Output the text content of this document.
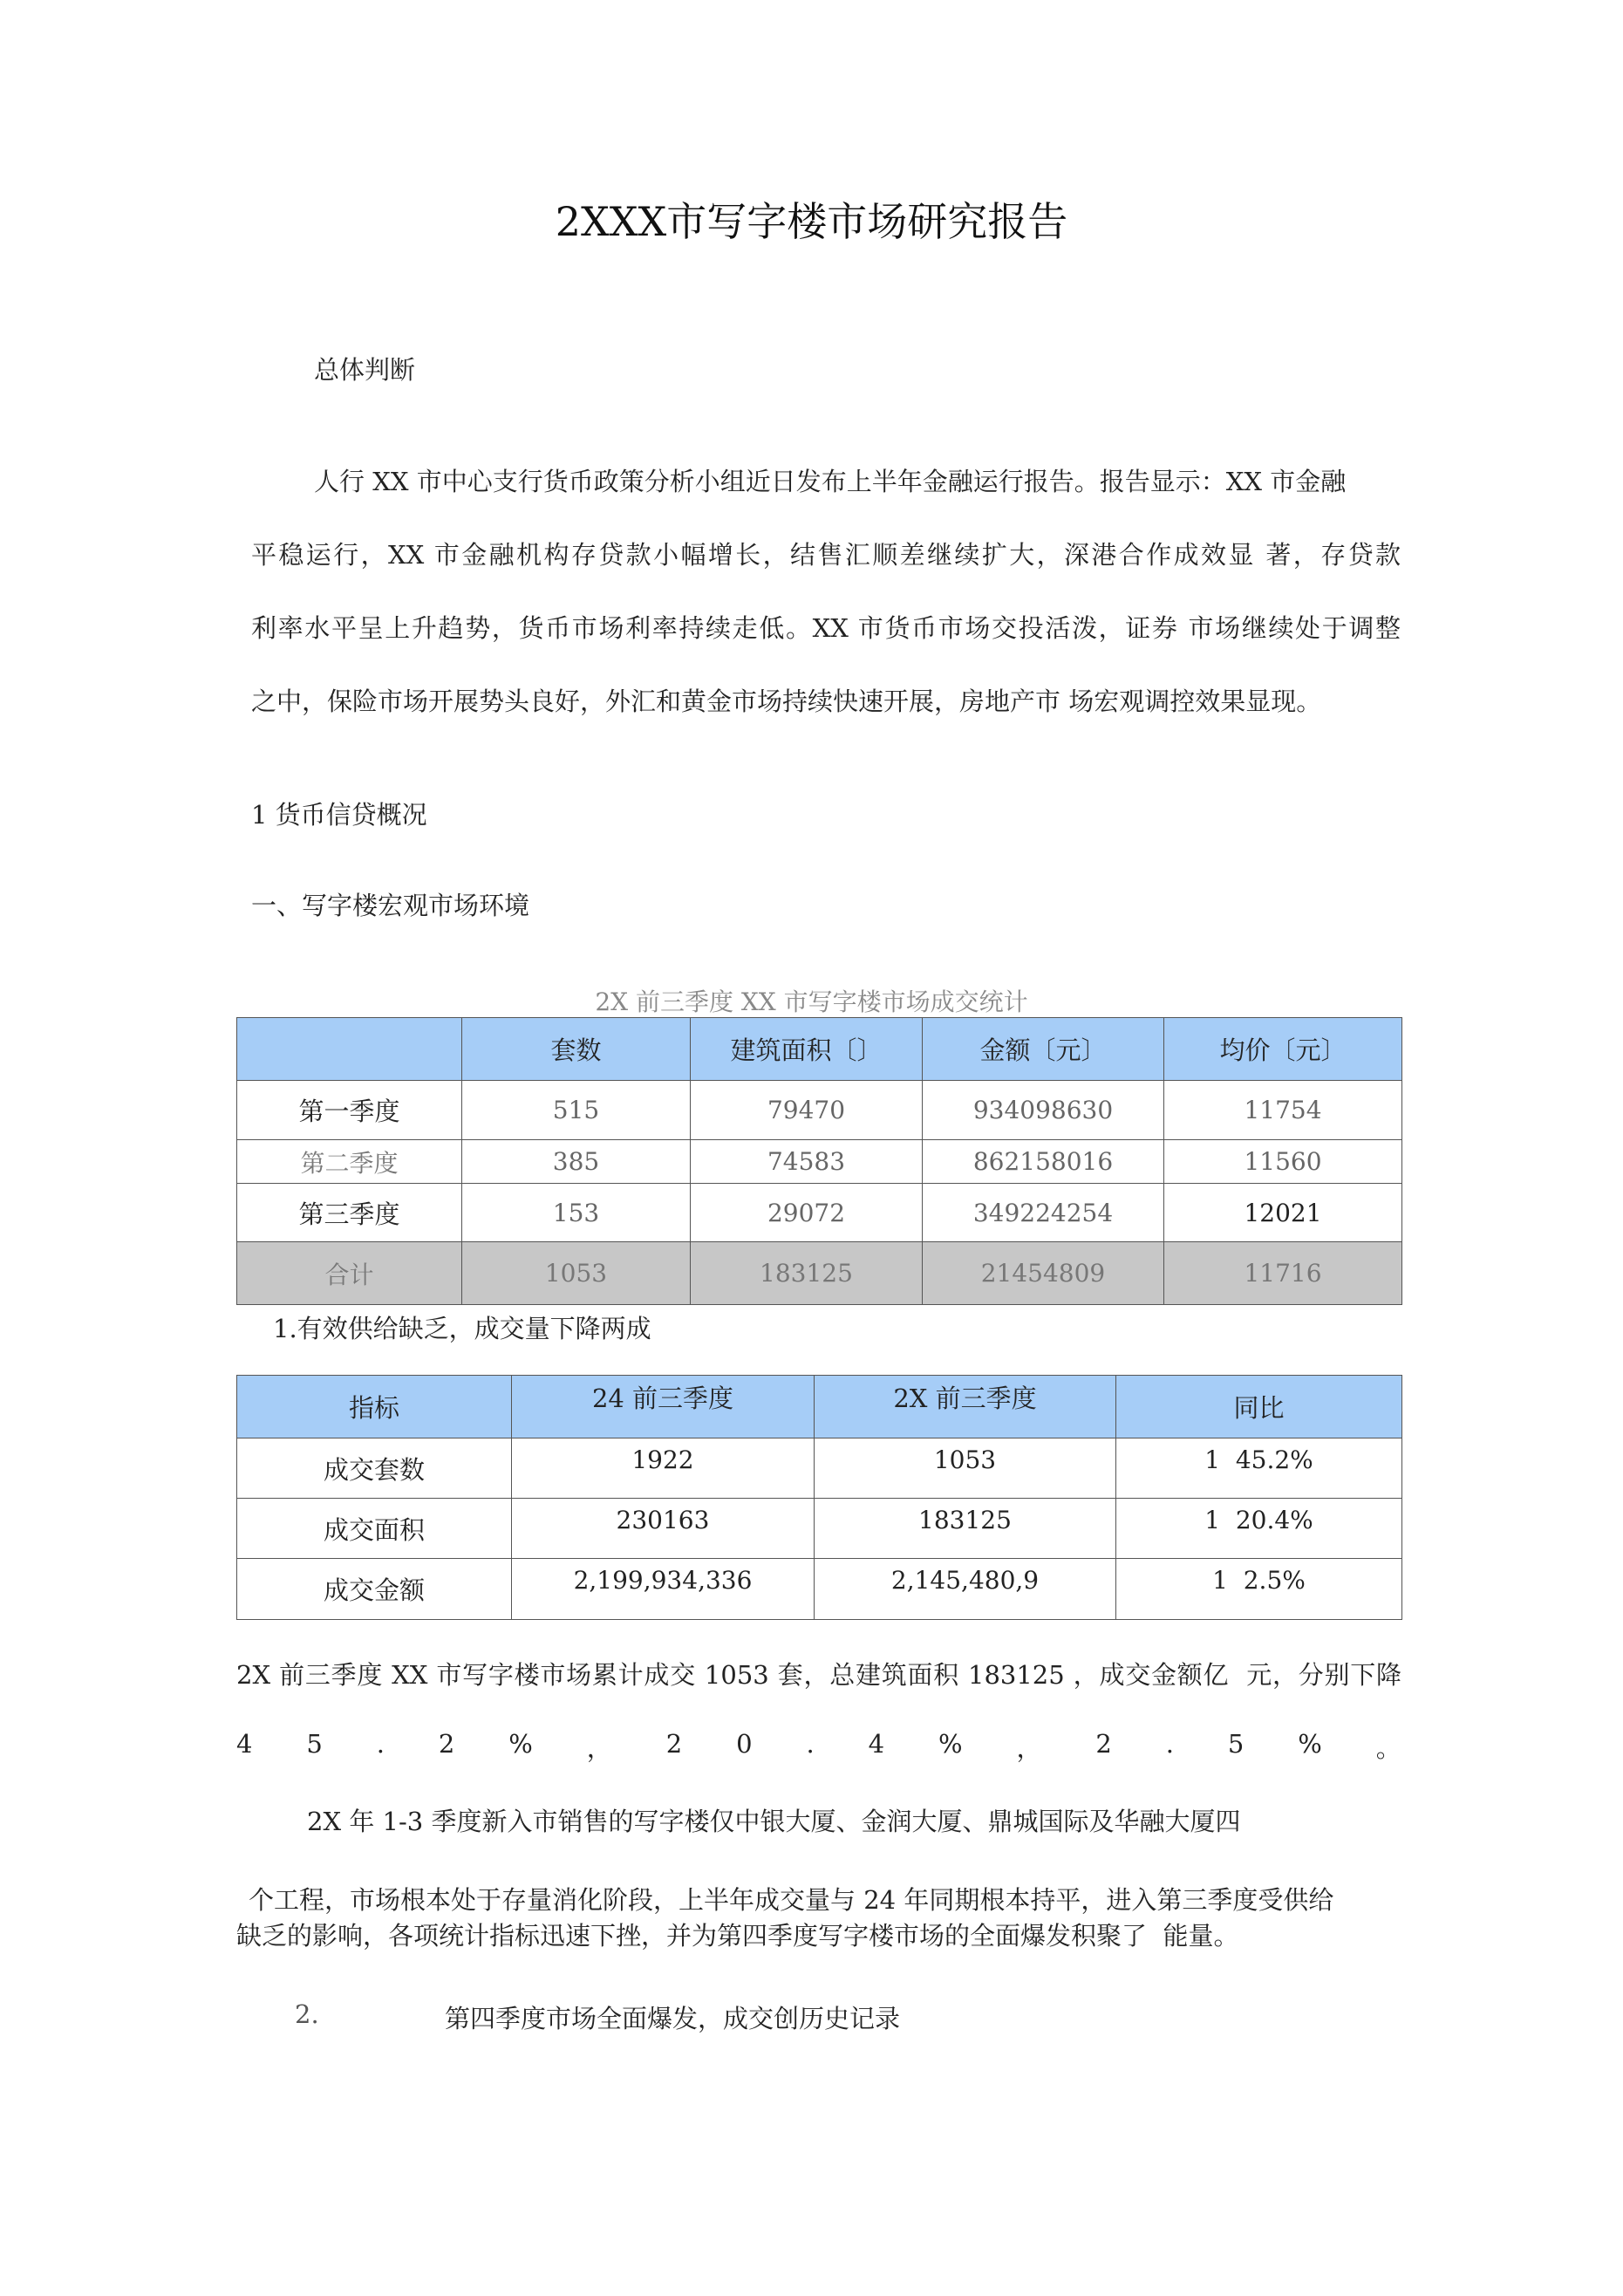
2XXX市写字楼市场研究报告
总体判断
人行 XX 市中心支行货币政策分析小组近日发布上半年金融运行报告。报告显示：XX 市金融
平稳运行，XX 市金融机构存贷款小幅增长，结售汇顺差继续扩大，深港合作成效显 著，存贷款
利率水平呈上升趋势，货币市场利率持续走低。XX 市货币市场交投活泼，证券 市场继续处于调整
之中，保险市场开展势头良好，外汇和黄金市场持续快速开展，房地产市 场宏观调控效果显现。
1 货币信贷概况
一、写字楼宏观市场环境
2X 前三季度 XX 市写字楼市场成交统计
	套数	建筑面积〔〕	金额〔元〕	均价〔元〕
第一季度	515	79470	934098630	11754
第二季度	385	74583	862158016	11560
第三季度	153	29072	349224254	12021
合计	1053	183125	21454809	11716
1.有效供给缺乏，成交量下降两成
指标	24 前三季度	2X 前三季度	同比
成交套数	1922	1053	1  45.2%
成交面积	230163	183125	1  20.4%
成交金额	2,199,934,336	2,145,480,9	1  2.5%
2X 前三季度 XX 市写字楼市场累计成交 1053 套，总建筑面积 183125 ，成交金额亿  元，分别下降
4 5 . 2 % ， 2 0 . 4 % ， 2 . 5 % 。
2X 年 1-3 季度新入市销售的写字楼仅中银大厦、金润大厦、鼎城国际及华融大厦四
个工程，市场根本处于存量消化阶段，上半年成交量与 24 年同期根本持平，进入第三季度受供给
缺乏的影响，各项统计指标迅速下挫，并为第四季度写字楼市场的全面爆发积聚了  能量。
2.	第四季度市场全面爆发，成交创历史记录
